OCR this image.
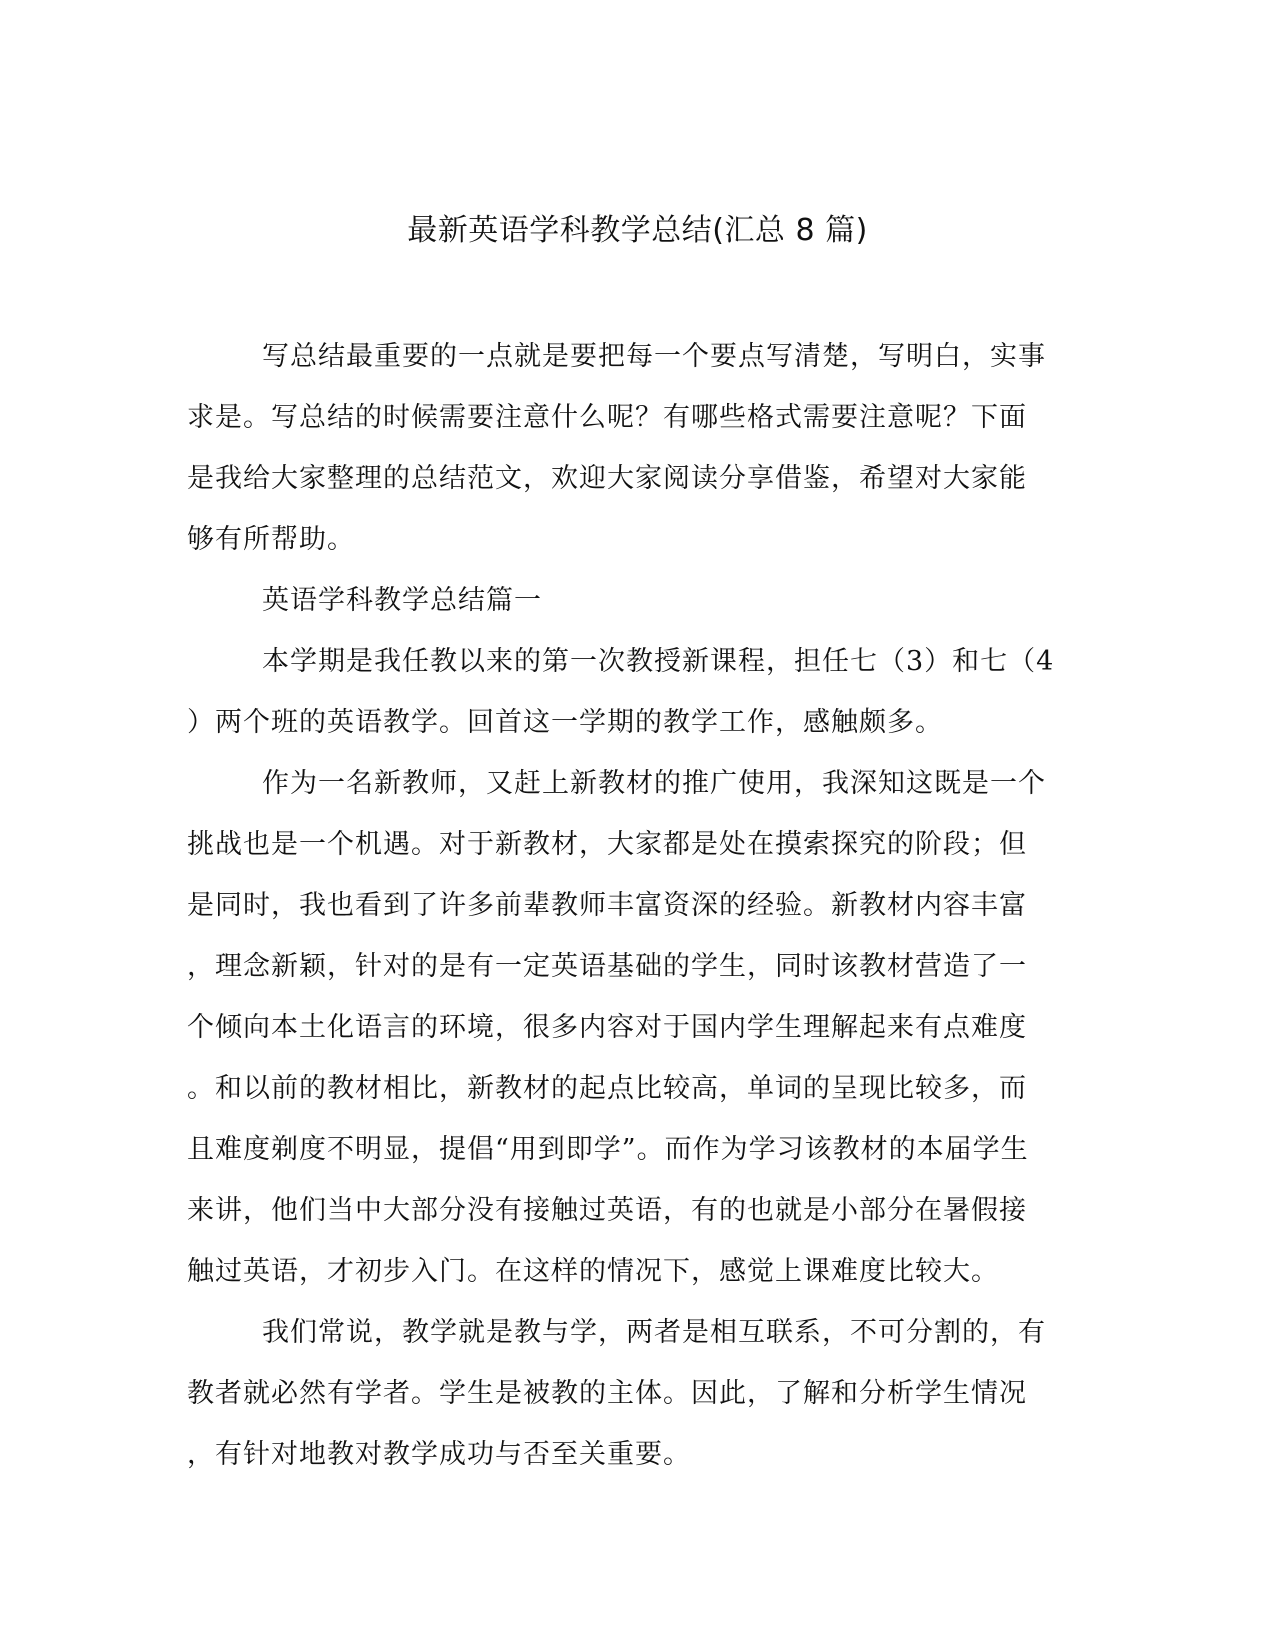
最新英语学科教学总结(汇总 8 篇)
写总结最重要的一点就是要把每一个要点写清楚，写明白，实事
求是。写总结的时候需要注意什么呢？有哪些格式需要注意呢？下面
是我给大家整理的总结范文，欢迎大家阅读分享借鉴，希望对大家能
够有所帮助。
英语学科教学总结篇一
本学期是我任教以来的第一次教授新课程，担任七（3）和七（4
）两个班的英语教学。回首这一学期的教学工作，感触颇多。
作为一名新教师，又赶上新教材的推广使用，我深知这既是一个
挑战也是一个机遇。对于新教材，大家都是处在摸索探究的阶段；但
是同时，我也看到了许多前辈教师丰富资深的经验。新教材内容丰富
，理念新颖，针对的是有一定英语基础的学生，同时该教材营造了一
个倾向本土化语言的环境，很多内容对于国内学生理解起来有点难度
。和以前的教材相比，新教材的起点比较高，单词的呈现比较多，而
且难度剃度不明显，提倡“用到即学”。而作为学习该教材的本届学生
来讲，他们当中大部分没有接触过英语，有的也就是小部分在暑假接
触过英语，才初步入门。在这样的情况下，感觉上课难度比较大。
我们常说，教学就是教与学，两者是相互联系，不可分割的，有
教者就必然有学者。学生是被教的主体。因此，了解和分析学生情况
，有针对地教对教学成功与否至关重要。
